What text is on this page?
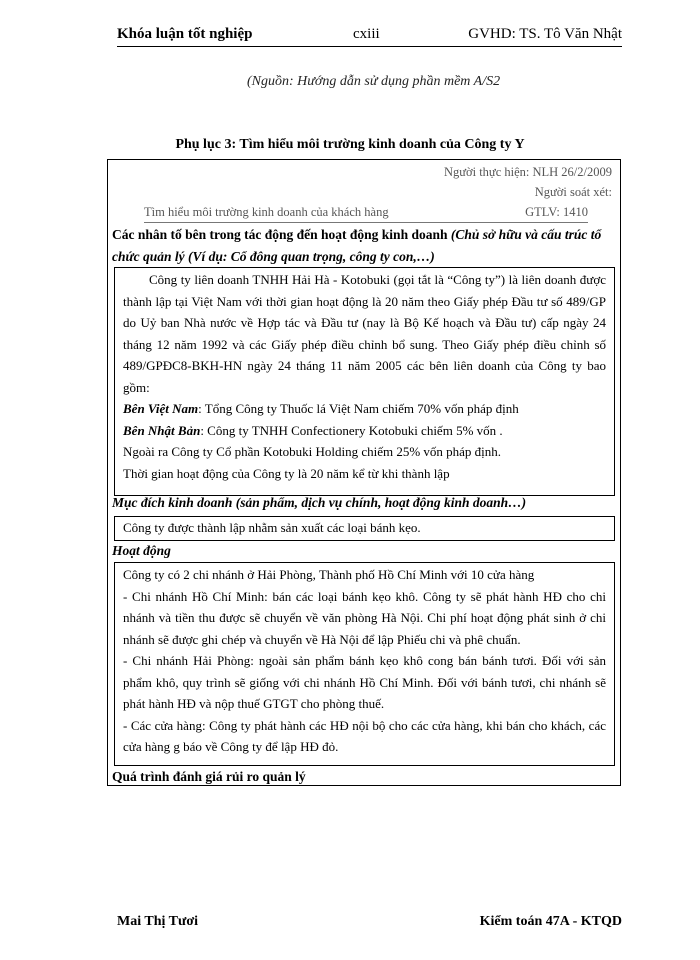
Khóa luận tốt nghiệp	cxiii	GVHD: TS. Tô Văn Nhật
(Nguồn: Hướng dẫn sử dụng phần mềm A/S2
Phụ lục 3: Tìm hiểu môi trường kinh doanh của Công ty Y
Người thực hiện: NLH 26/2/2009
Người soát xét:
Tìm hiểu môi trường kinh doanh của khách hàng	GTLV: 1410
Các nhân tố bên trong tác động đến hoạt động kinh doanh (Chủ sở hữu và cấu trúc tổ chức quản lý (Ví dụ: Cổ đông quan trọng, công ty con,…)

Công ty liên doanh TNHH Hải Hà - Kotobuki (gọi tắt là “Công ty”) là liên doanh được thành lập tại Việt Nam với thời gian hoạt động là 20 năm theo Giấy phép Đầu tư số 489/GP do Uỷ ban Nhà nước về Hợp tác và Đầu tư (nay là Bộ Kế hoạch và Đầu tư) cấp ngày 24 tháng 12 năm 1992 và các Giấy phép điều chỉnh bổ sung. Theo Giấy phép điều chỉnh số 489/GPĐC8-BKH-HN ngày 24 tháng 11 năm 2005 các bên liên doanh của Công ty bao gồm:

Bên Việt Nam: Tổng Công ty Thuốc lá Việt Nam chiếm 70% vốn pháp định

Bên Nhật Bản: Công ty TNHH Confectionery Kotobuki chiếm 5% vốn .

Ngoài ra Công ty Cổ phần Kotobuki Holding chiếm 25% vốn pháp định.

Thời gian hoạt động của Công ty là 20 năm kể từ khi thành lập

Mục đích kinh doanh (sản phẩm, dịch vụ chính, hoạt động kinh doanh…)

Công ty được thành lập nhằm sản xuất các loại bánh kẹo.

Hoạt động

Công ty có 2 chi nhánh ở Hải Phòng, Thành phố Hồ Chí Minh với 10 cửa hàng

- Chi nhánh Hồ Chí Minh: bán các loại bánh kẹo khô. Công ty sẽ phát hành HĐ cho chi nhánh và tiền thu được sẽ chuyển về văn phòng Hà Nội. Chi phí hoạt động phát sinh ở chi nhánh sẽ được ghi chép và chuyển về Hà Nội để lập Phiếu chi và phê chuẩn.

- Chi nhánh Hải Phòng: ngoài sản phẩm bánh kẹo khô cong bán bánh tươi. Đối với sản phẩm khô, quy trình sẽ giống với chi nhánh Hồ Chí Minh. Đối với bánh tươi, chi nhánh sẽ phát hành HĐ và nộp thuế GTGT cho phòng thuế.

- Các cửa hàng: Công ty phát hành các HĐ nội bộ cho các cửa hàng, khi bán cho khách, các cửa hàng g báo về Công ty để lập HĐ đỏ.

Quá trình đánh giá rủi ro quản lý
Mai Thị Tươi	Kiểm toán 47A - KTQD
